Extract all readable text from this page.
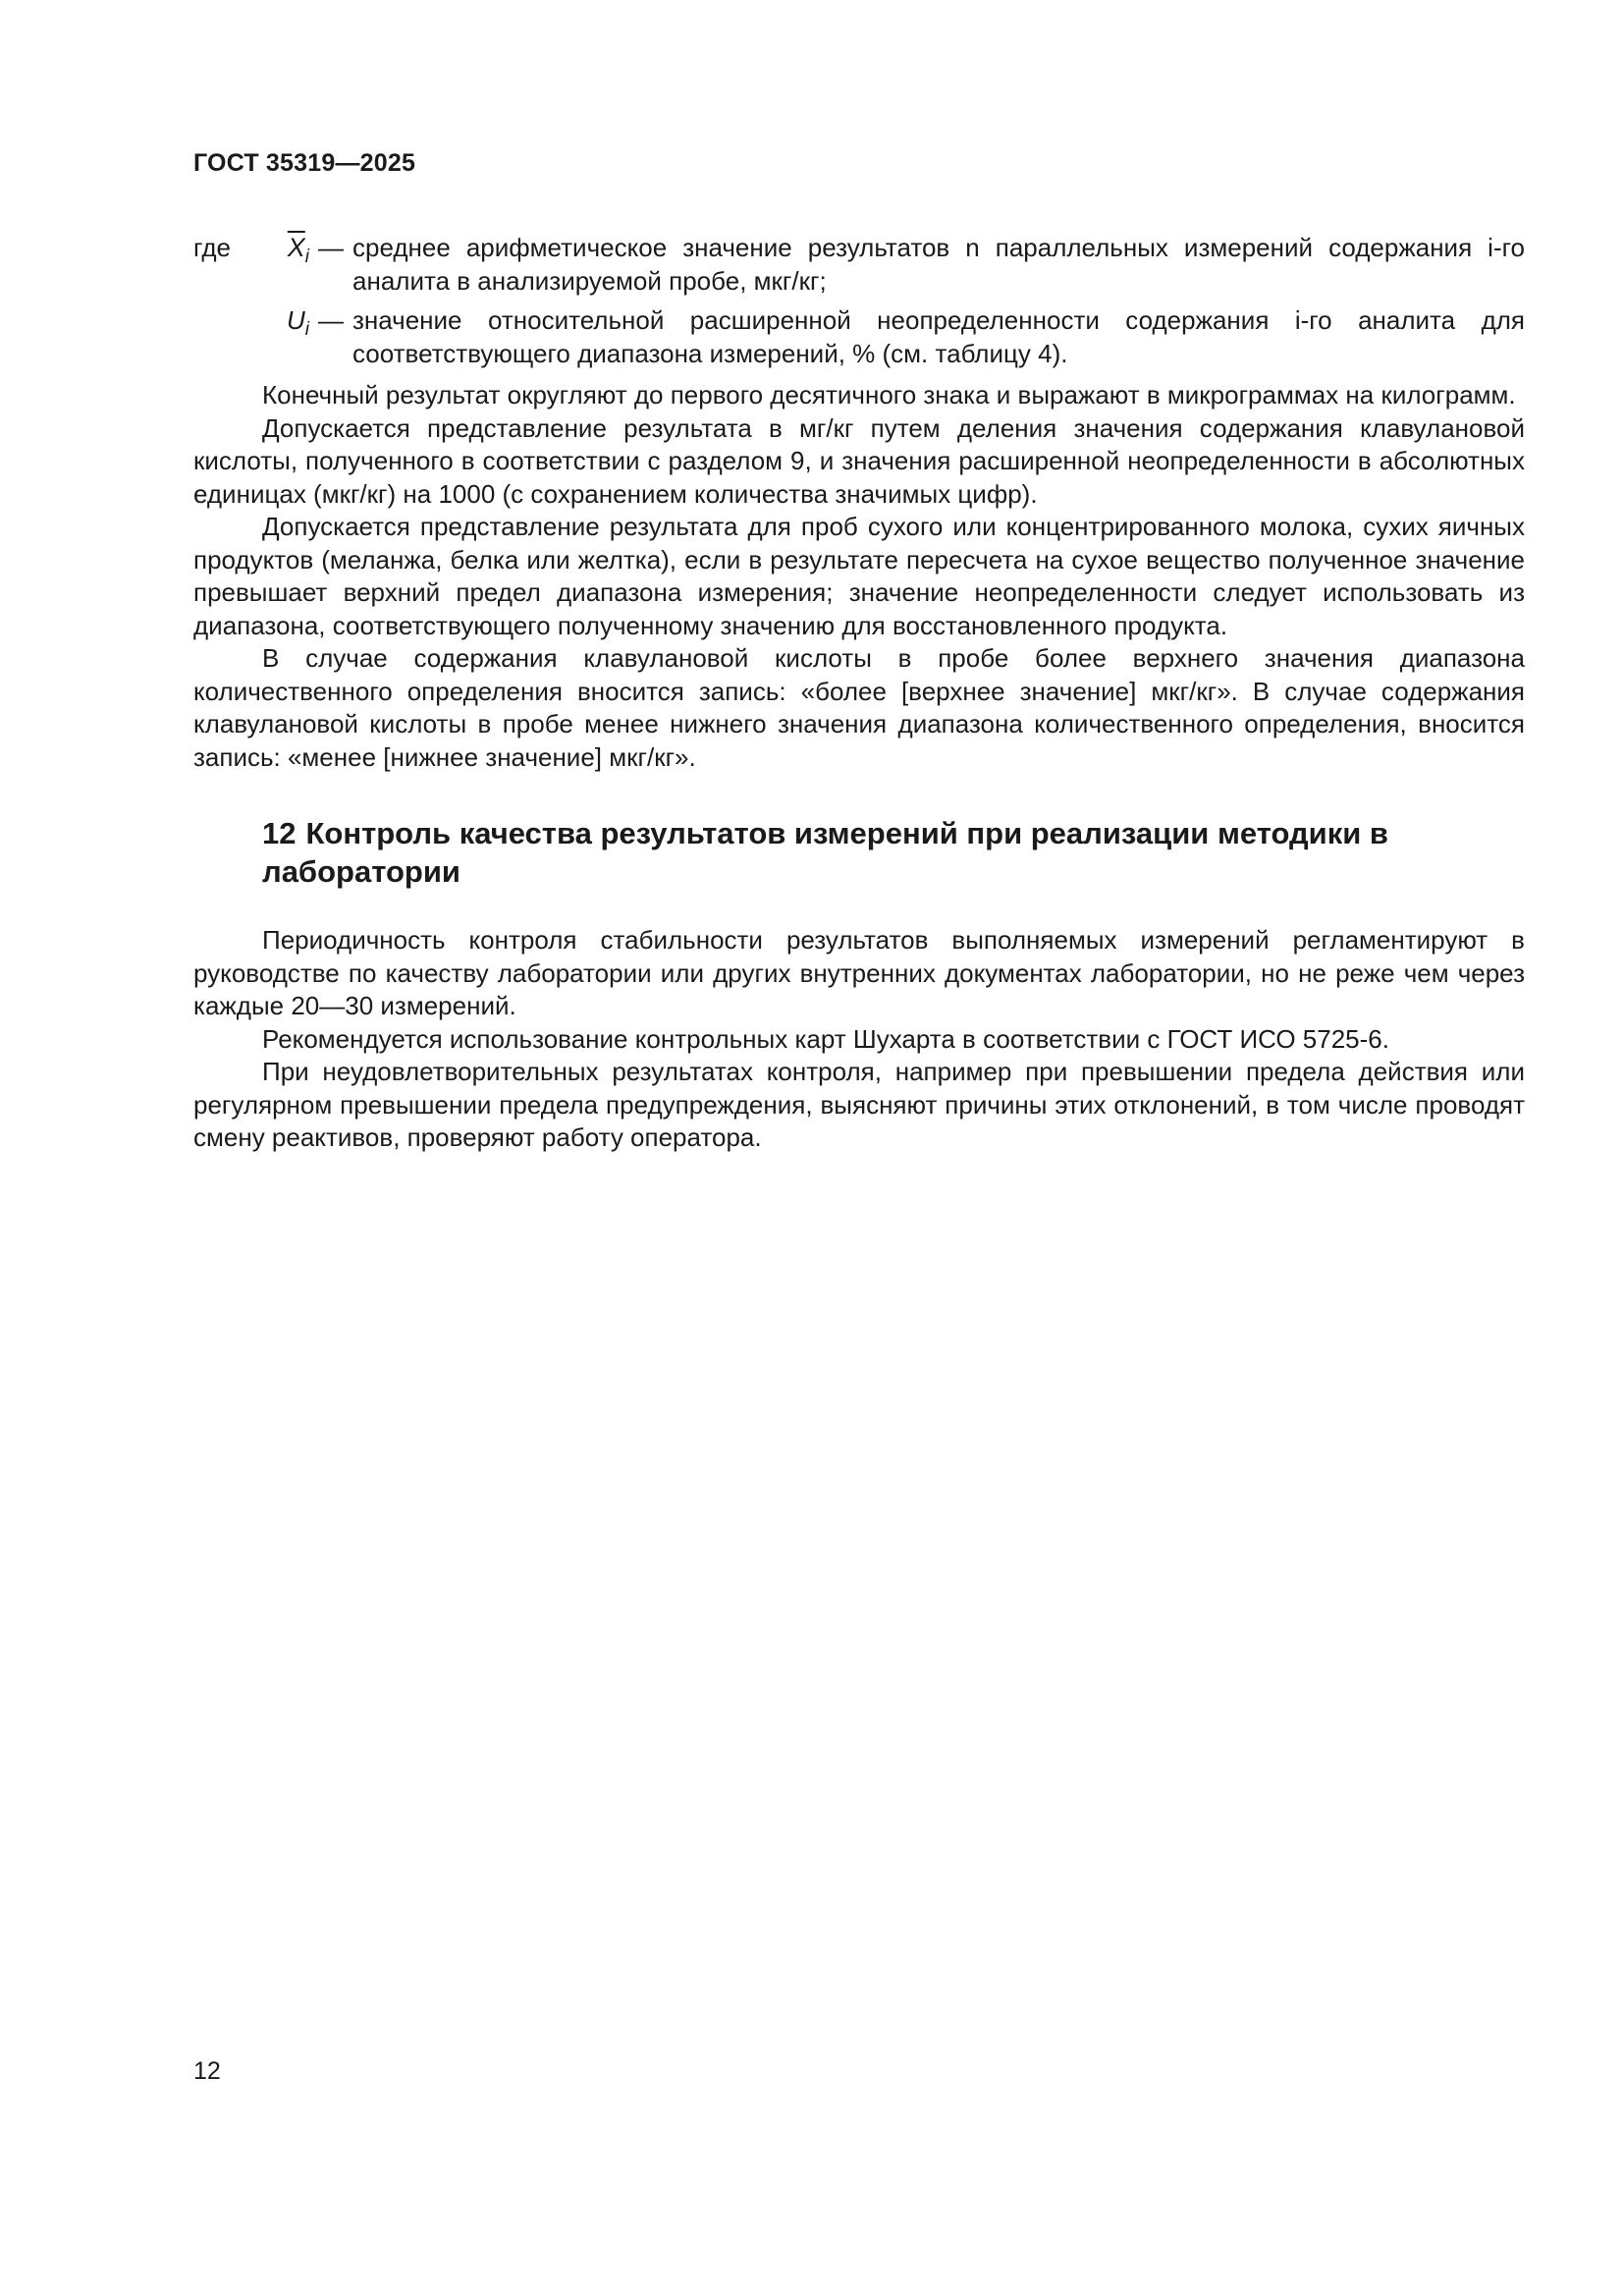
ГОСТ 35319—2025
где	$\overline{X}_i$ — среднее арифметическое значение результатов n параллельных измерений содержания i-го аналита в анализируемой пробе, мкг/кг;
$U_i$ — значение относительной расширенной неопределенности содержания i-го аналита для соответствующего диапазона измерений, % (см. таблицу 4).

Конечный результат округляют до первого десятичного знака и выражают в микрограммах на килограмм.

Допускается представление результата в мг/кг путем деления значения содержания клавулановой кислоты, полученного в соответствии с разделом 9, и значения расширенной неопределенности в абсолютных единицах (мкг/кг) на 1000 (с сохранением количества значимых цифр).

Допускается представление результата для проб сухого или концентрированного молока, сухих яичных продуктов (меланжа, белка или желтка), если в результате пересчета на сухое вещество полученное значение превышает верхний предел диапазона измерения; значение неопределенности следует использовать из диапазона, соответствующего полученному значению для восстановленного продукта.

В случае содержания клавулановой кислоты в пробе более верхнего значения диапазона количественного определения вносится запись: «более [верхнее значение] мкг/кг». В случае содержания клавулановой кислоты в пробе менее нижнего значения диапазона количественного определения, вносится запись: «менее [нижнее значение] мкг/кг».

12 Контроль качества результатов измерений при реализации методики в лаборатории

Периодичность контроля стабильности результатов выполняемых измерений регламентируют в руководстве по качеству лаборатории или других внутренних документах лаборатории, но не реже чем через каждые 20—30 измерений.

Рекомендуется использование контрольных карт Шухарта в соответствии с ГОСТ ИСО 5725-6.

При неудовлетворительных результатах контроля, например при превышении предела действия или регулярном превышении предела предупреждения, выясняют причины этих отклонений, в том числе проводят смену реактивов, проверяют работу оператора.

12
